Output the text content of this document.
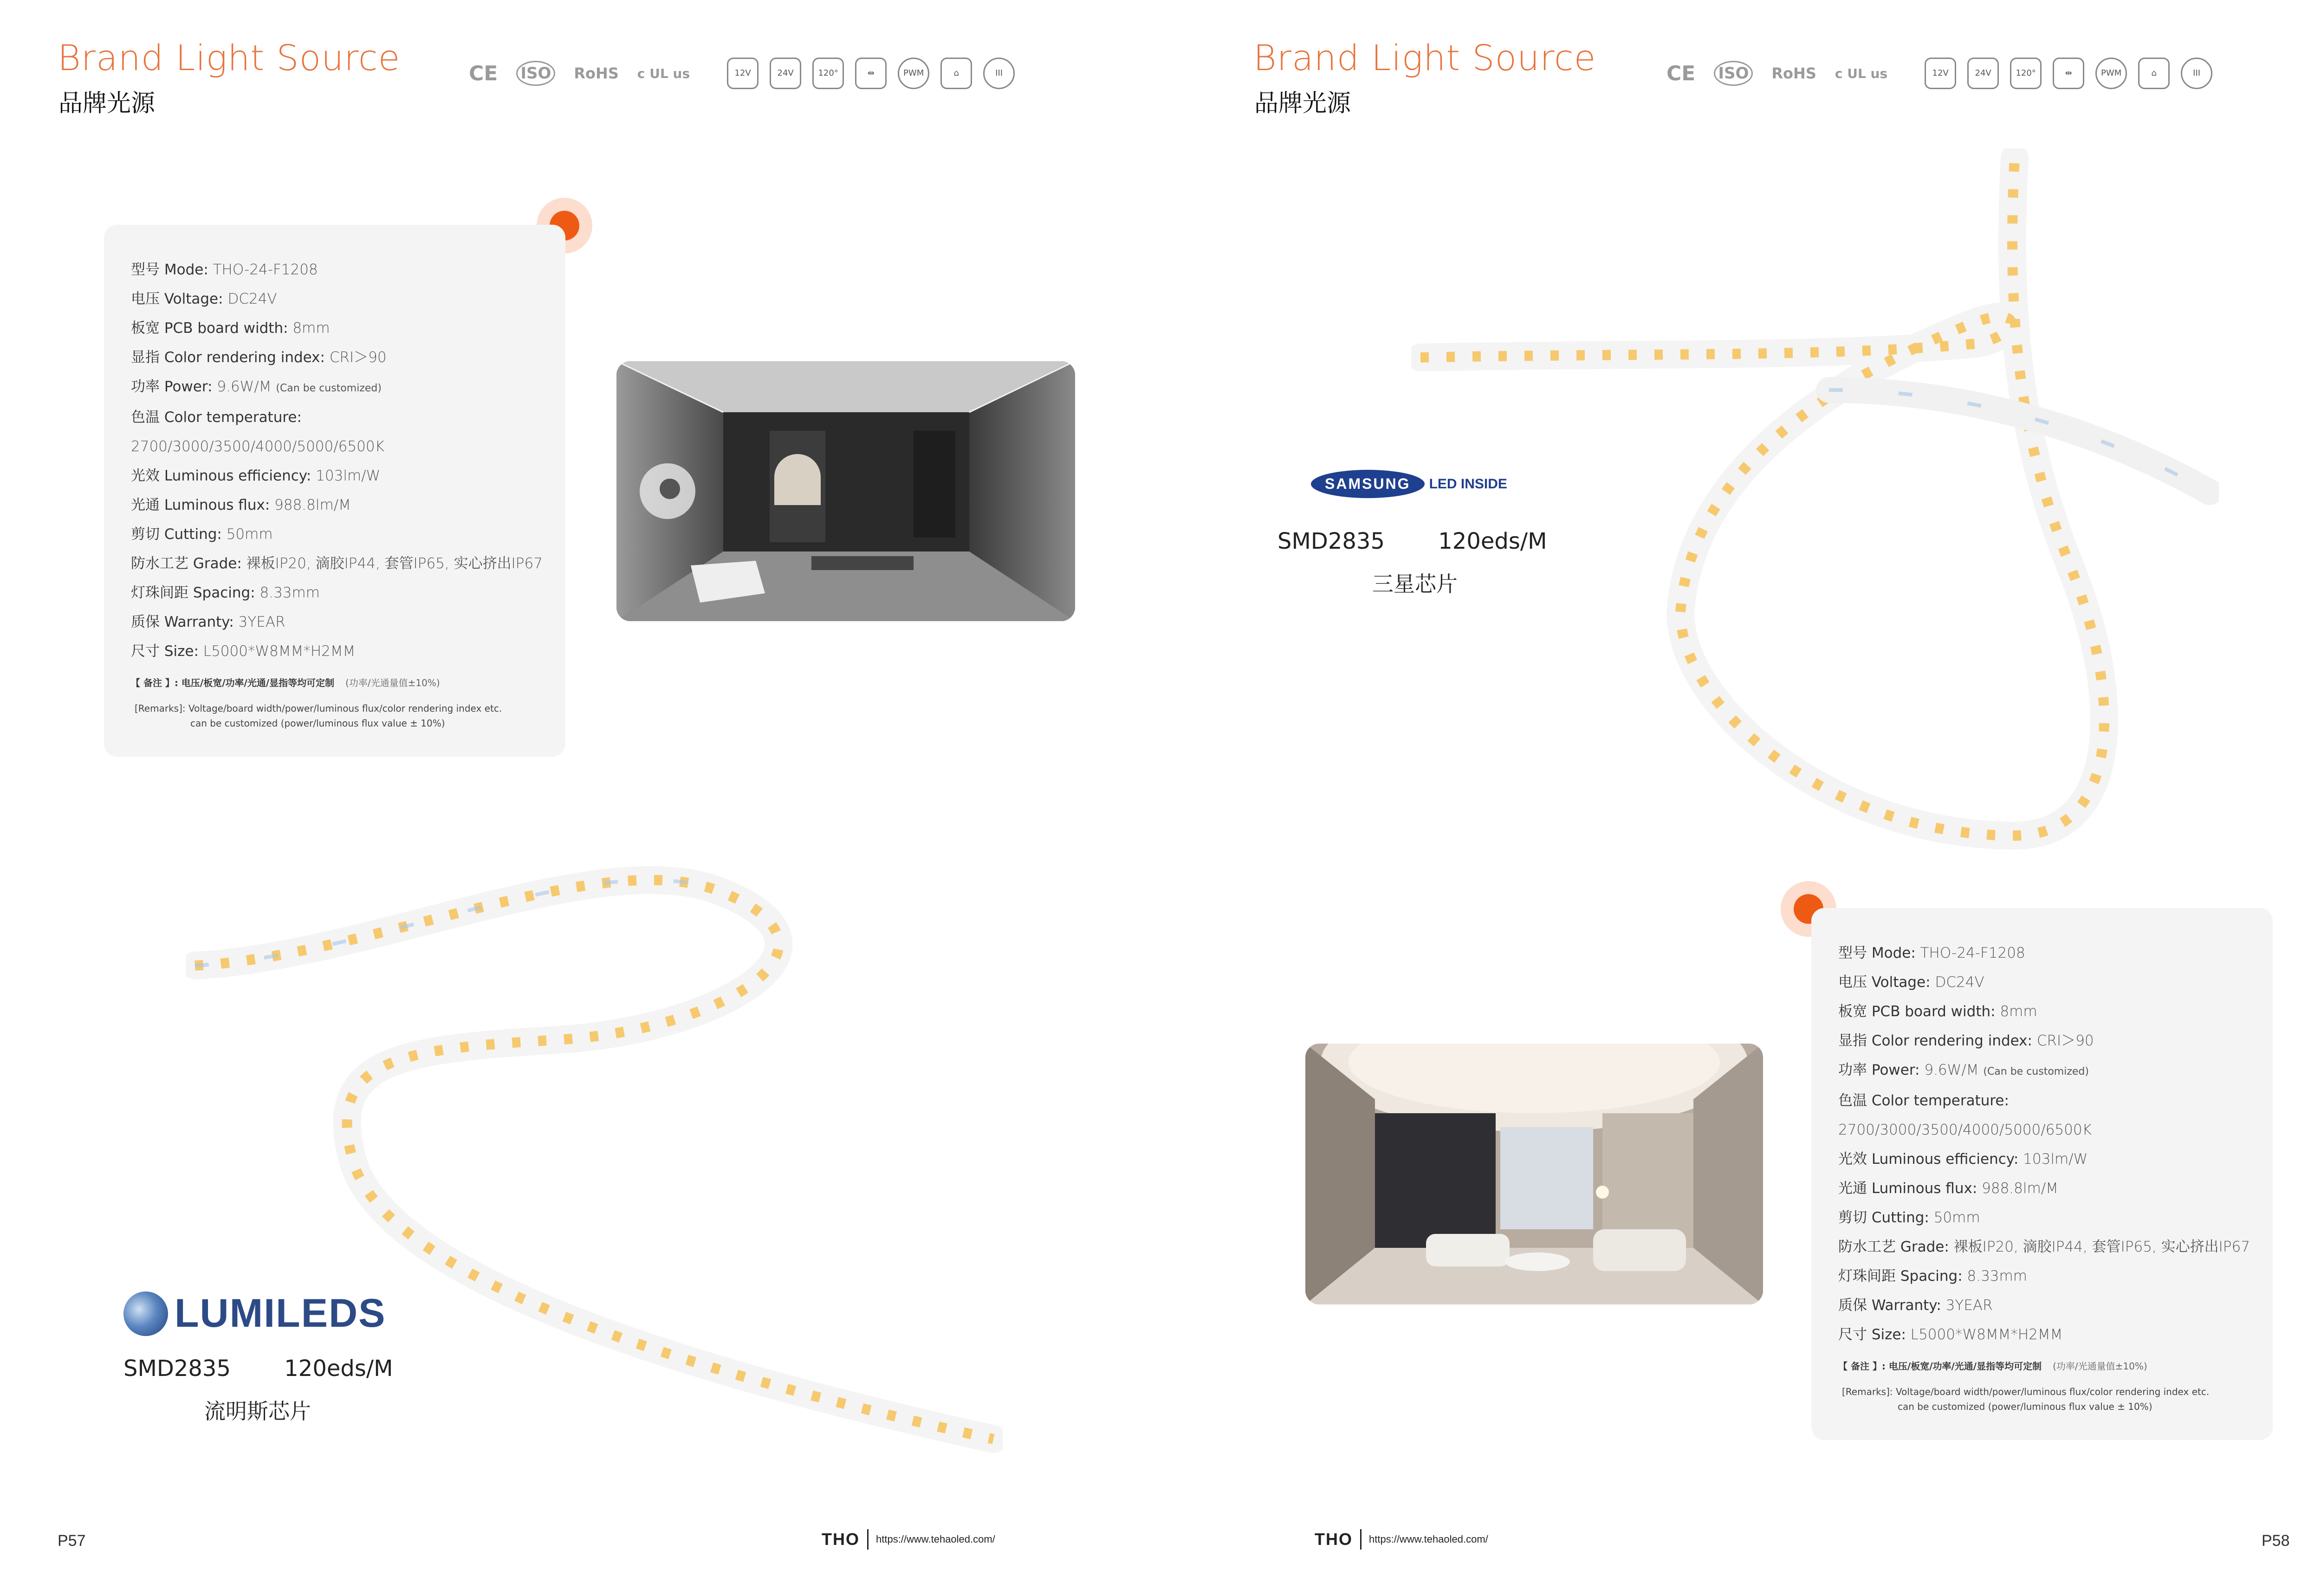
Brand Light Source
品牌光源
CE ISO RoHS c UL us	12V	24V	120°	⇹	PWM	⌂	III
型号 Mode: THO-24-F1208
电压 Voltage: DC24V
板宽 PCB board width: 8mm
显指 Color rendering index: CRI＞90
功率 Power: 9.6W/M (Can be customized)
色温 Color temperature:
2700/3000/3500/4000/5000/6500K
光效 Luminous efficiency: 103lm/W
光通 Luminous flux: 988.8lm/M
剪切 Cutting: 50mm
防水工艺 Grade: 裸板IP20, 滴胶IP44, 套管IP65, 实心挤出IP67
灯珠间距 Spacing: 8.33mm
质保 Warranty: 3YEAR
尺寸 Size: L5000*W8MM*H2MM
【 备注 】: 电压/板宽/功率/光通/显指等均可定制 (功率/光通量值±10%)
[Remarks]: Voltage/board width/power/luminous flux/color rendering index etc.
can be customized (power/luminous flux value ± 10%)
LUMILEDS
SMD2835 120eds/M
流明斯芯片
P57	THO https://www.tehaoled.com/
Brand Light Source
品牌光源
CE ISO RoHS c UL us	12V	24V	120°	⇹	PWM	⌂	III
SAMSUNG	LED INSIDE
SMD2835 120eds/M
三星芯片
型号 Mode: THO-24-F1208
电压 Voltage: DC24V
板宽 PCB board width: 8mm
显指 Color rendering index: CRI＞90
功率 Power: 9.6W/M (Can be customized)
色温 Color temperature:
2700/3000/3500/4000/5000/6500K
光效 Luminous efficiency: 103lm/W
光通 Luminous flux: 988.8lm/M
剪切 Cutting: 50mm
防水工艺 Grade: 裸板IP20, 滴胶IP44, 套管IP65, 实心挤出IP67
灯珠间距 Spacing: 8.33mm
质保 Warranty: 3YEAR
尺寸 Size: L5000*W8MM*H2MM
【 备注 】: 电压/板宽/功率/光通/显指等均可定制 (功率/光通量值±10%)
[Remarks]: Voltage/board width/power/luminous flux/color rendering index etc.
can be customized (power/luminous flux value ± 10%)
THO https://www.tehaoled.com/	P58
